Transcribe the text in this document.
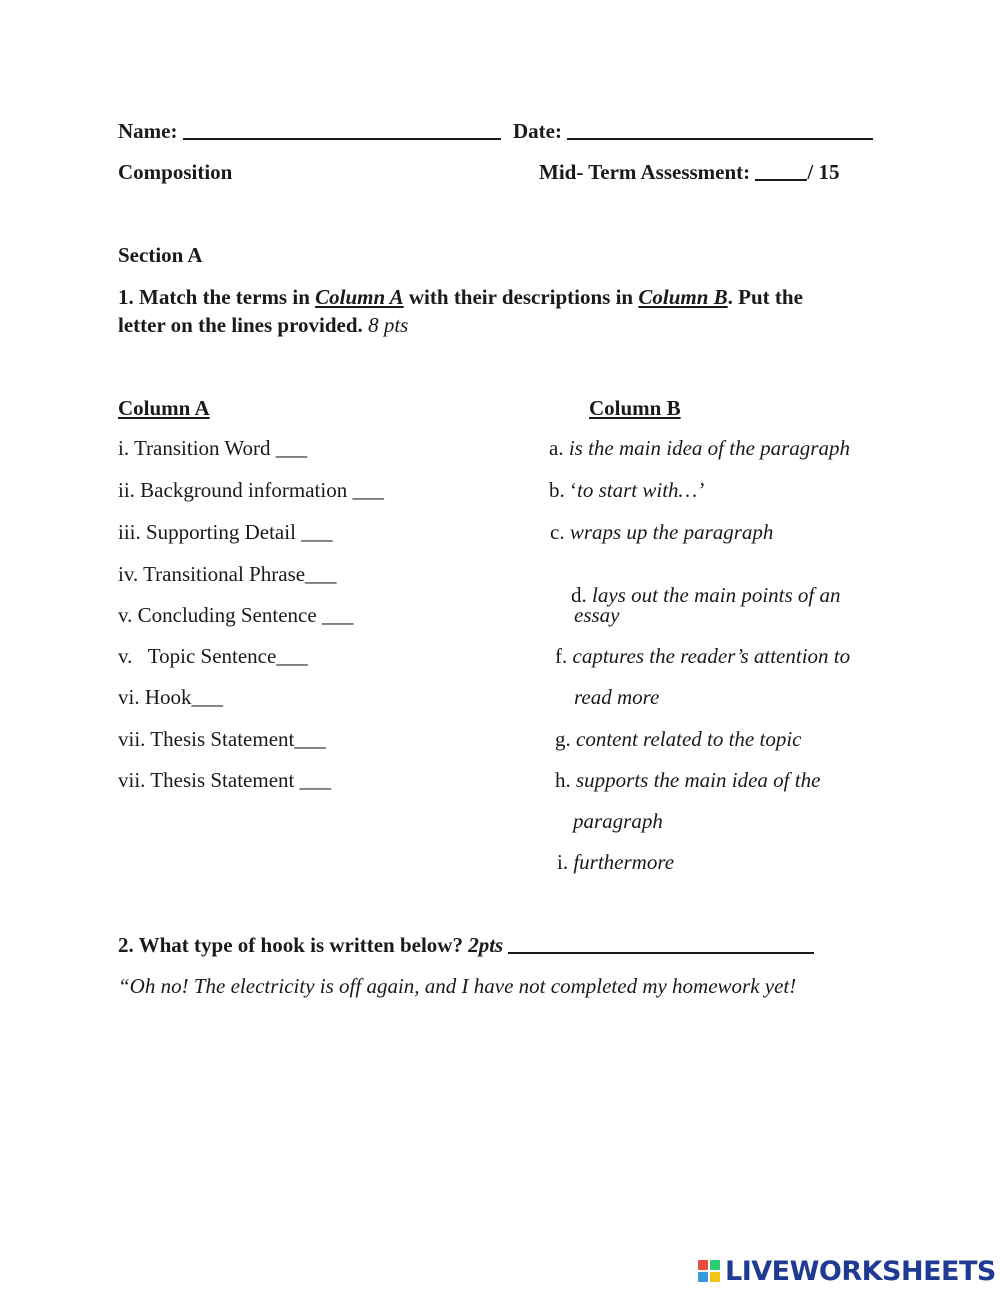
Name:	Date:
Composition	Mid- Term Assessment:	/ 15
Section A
1. Match the terms in Column A with their descriptions in Column B. Put the
letter on the lines provided. 8 pts
Column A	Column B
i. Transition Word ___
ii. Background information ___
iii. Supporting Detail ___
iv. Transitional Phrase___
v. Concluding Sentence ___
v.   Topic Sentence___
vi. Hook___
vii. Thesis Statement___
vii. Thesis Statement ___
a. is the main idea of the paragraph
b. ‘to start with…’
c. wraps up the paragraph

d. lays out the main points of an

essay
f. captures the reader’s attention to
read more
g. content related to the topic
h. supports the main idea of the
paragraph
i. furthermore
2. What type of hook is written below? 2pts
“Oh no! The electricity is off again, and I have not completed my homework yet!
LIVEWORKSHEETS
